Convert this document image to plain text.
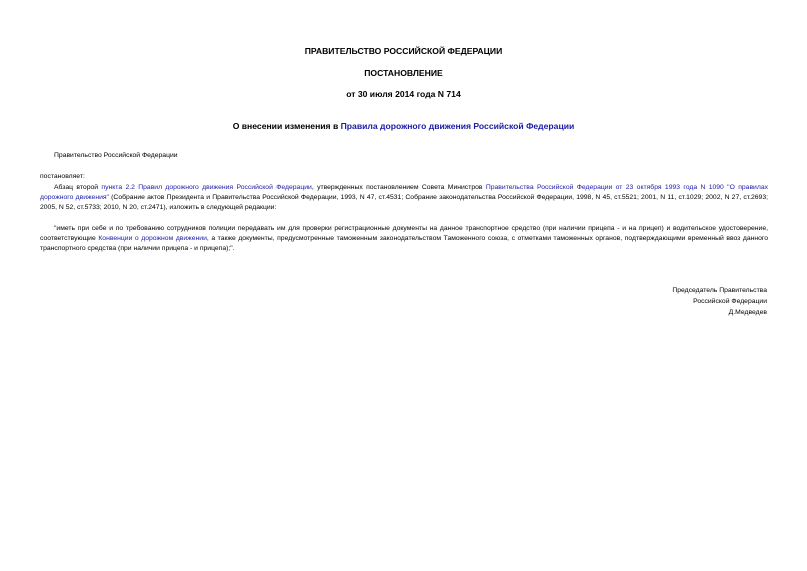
ПРАВИТЕЛЬСТВО РОССИЙСКОЙ ФЕДЕРАЦИИ
ПОСТАНОВЛЕНИЕ
от 30 июля 2014 года N 714
О внесении изменения в Правила дорожного движения Российской Федерации
Правительство Российской Федерации
постановляет:
Абзац второй пункта 2.2 Правил дорожного движения Российской Федерации, утвержденных постановлением Совета Министров Правительства Российской Федерации от 23 октября 1993 года N 1090 "О правилах дорожного движения" (Собрание актов Президента и Правительства Российской Федерации, 1993, N 47, ст.4531; Собрание законодательства Российской Федерации, 1998, N 45, ст.5521; 2001, N 11, ст.1029; 2002, N 27, ст.2693; 2005, N 52, ст.5733; 2010, N 20, ст.2471), изложить в следующей редакции:
"иметь при себе и по требованию сотрудников полиции передавать им для проверки регистрационные документы на данное транспортное средство (при наличии прицепа - и на прицеп) и водительское удостоверение, соответствующие Конвенции о дорожном движении, а также документы, предусмотренные таможенным законодательством Таможенного союза, с отметками таможенных органов, подтверждающими временный ввоз данного транспортного средства (при наличии прицепа - и прицепа);".
Председатель Правительства
Российской Федерации
Д.Медведев
